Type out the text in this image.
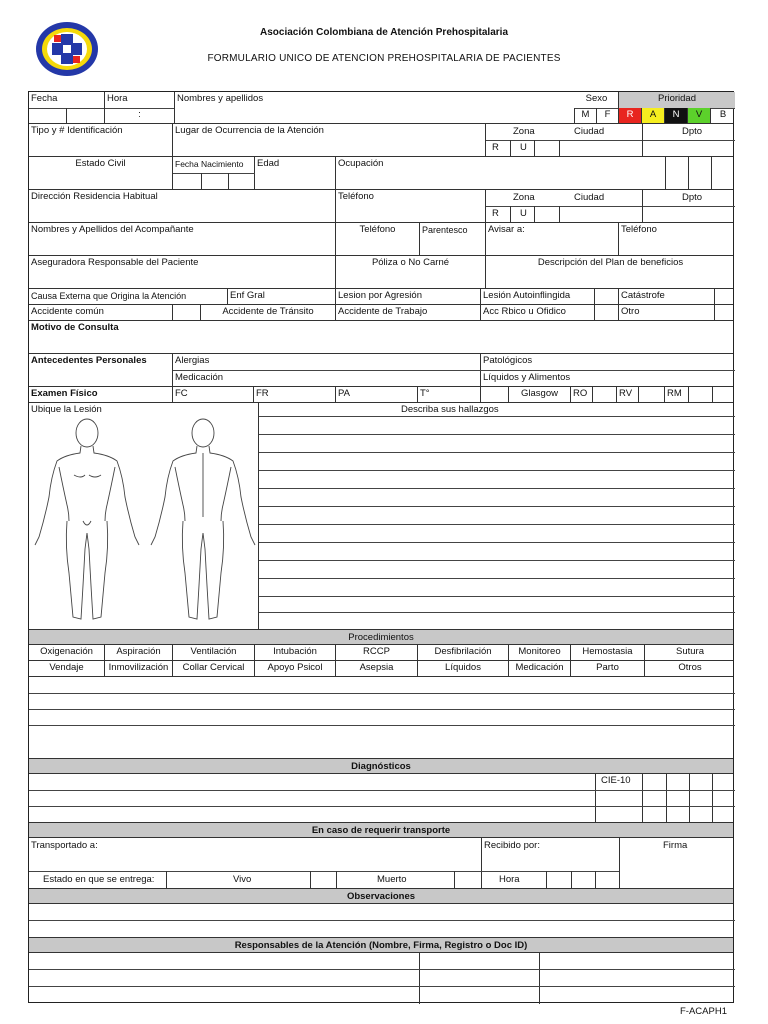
Asociación Colombiana de Atención Prehospitalaria
FORMULARIO UNICO DE ATENCION PREHOSPITALARIA DE PACIENTES
Fecha	Hora	Nombres y apellidos	Sexo	Prioridad
:	M	F	R	A	N	V	B
Tipo y # Identificación	Lugar de Ocurrencia de la Atención	Zona	Ciudad	Dpto
R U
Estado Civil	Fecha Nacimiento	Edad	Ocupación
Dirección Residencia Habitual	Teléfono	Zona	Ciudad	Dpto
R U
Nombres y Apellidos del Acompañante	Teléfono	Parentesco	Avisar a:	Teléfono
Aseguradora Responsable del Paciente	Póliza o No Carné	Descripción del Plan de beneficios
Causa Externa que Origina la Atención	Enf Gral	Lesion por Agresión	Lesión Autoinflingida	Catástrofe
Accidente común	Accidente de Tránsito	Accidente de Trabajo	Acc Rbico u Ofidico	Otro
Motivo de Consulta
Antecedentes Personales	Alergias	Patológicos
Medicación	Líquidos y Alimentos
Examen Físico	FC	FR	PA	T°	Glasgow	RO	RV	RM
Ubique la Lesión	Describa sus hallazgos
Procedimientos
Oxigenación	Aspiración	Ventilación	Intubación	RCCP	Desfibrilación	Monitoreo	Hemostasia	Sutura
Vendaje	Inmovilización	Collar Cervical	Apoyo Psicol	Asepsia	Líquidos	Medicación	Parto	Otros
Diagnósticos
CIE-10
En caso de requerir transporte
Transportado a:	Recibido por:	Firma
Estado en que se entrega:	Vivo	Muerto	Hora
Observaciones
Responsables de la Atención (Nombre, Firma, Registro o Doc ID)
F-ACAPH1
